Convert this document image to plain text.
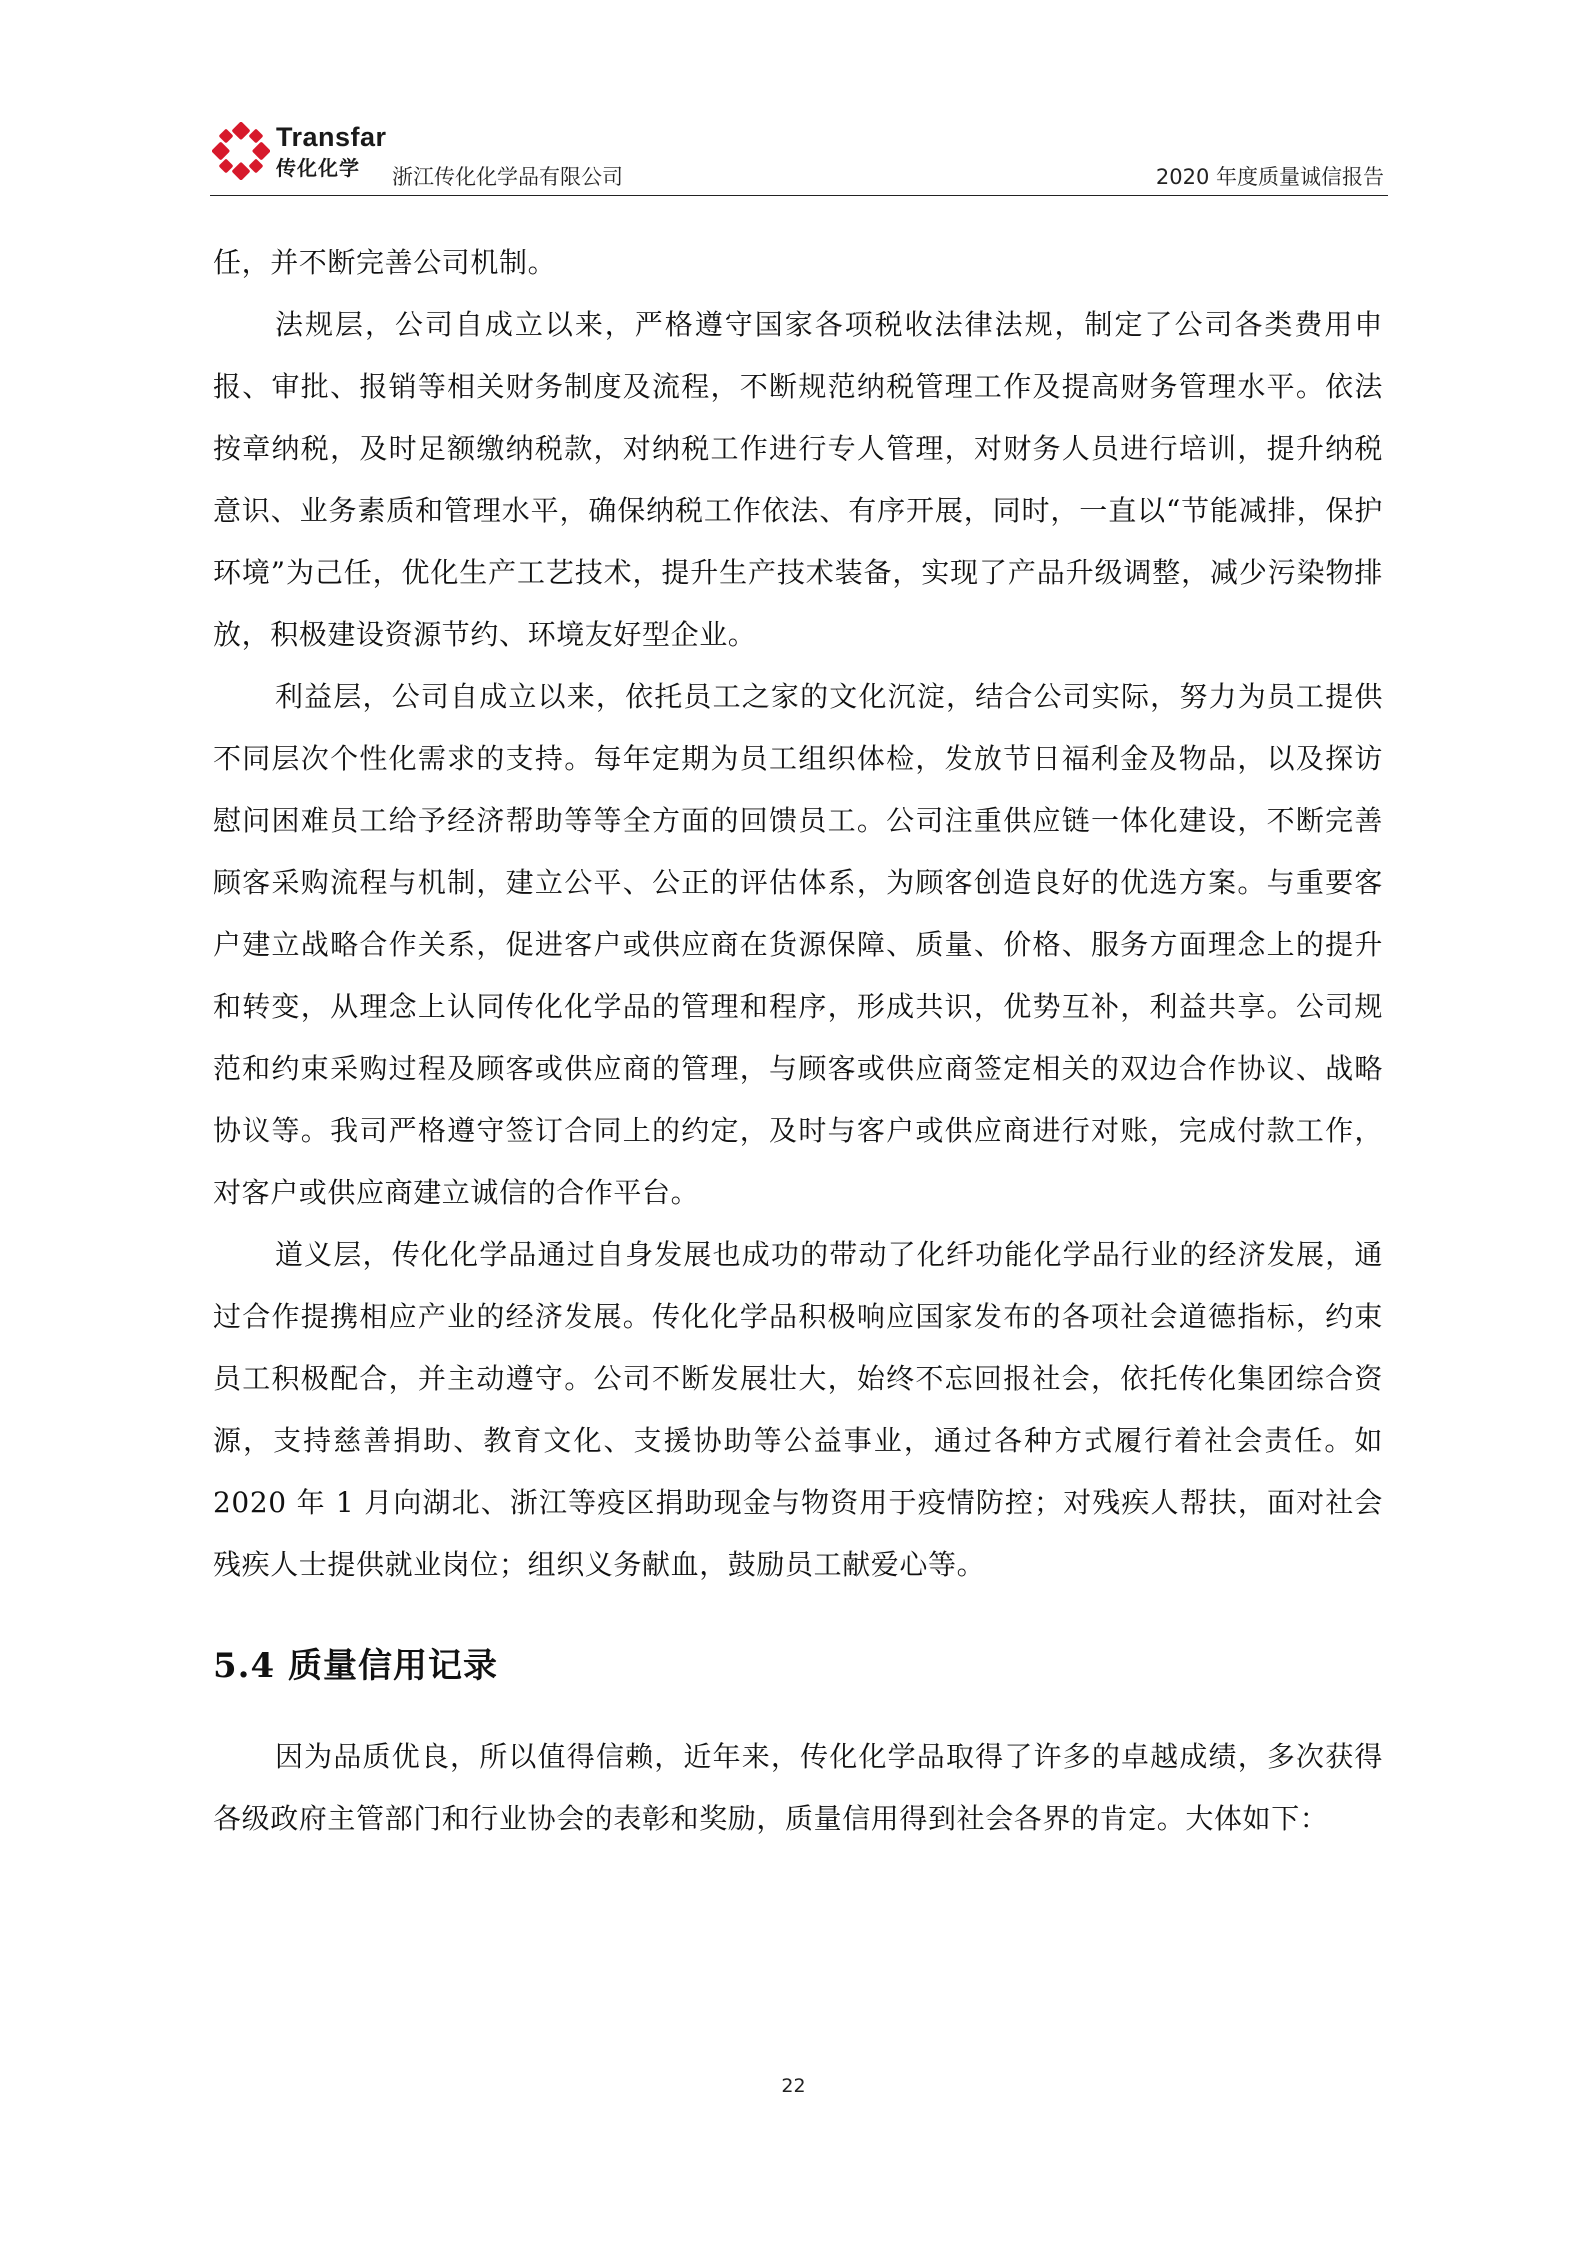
Transfar
传化化学 浙江传化化学品有限公司	2020 年度质量诚信报告

任，并不断完善公司机制。

法规层，公司自成立以来，严格遵守国家各项税收法律法规，制定了公司各类费用申报、审批、报销等相关财务制度及流程，不断规范纳税管理工作及提高财务管理水平。依法按章纳税，及时足额缴纳税款，对纳税工作进行专人管理，对财务人员进行培训，提升纳税意识、业务素质和管理水平，确保纳税工作依法、有序开展，同时，一直以“节能减排，保护环境”为己任，优化生产工艺技术，提升生产技术装备，实现了产品升级调整，减少污染物排放，积极建设资源节约、环境友好型企业。

利益层，公司自成立以来，依托员工之家的文化沉淀，结合公司实际，努力为员工提供不同层次个性化需求的支持。每年定期为员工组织体检，发放节日福利金及物品，以及探访慰问困难员工给予经济帮助等等全方面的回馈员工。公司注重供应链一体化建设，不断完善顾客采购流程与机制，建立公平、公正的评估体系，为顾客创造良好的优选方案。与重要客户建立战略合作关系，促进客户或供应商在货源保障、质量、价格、服务方面理念上的提升和转变，从理念上认同传化化学品的管理和程序，形成共识，优势互补，利益共享。公司规范和约束采购过程及顾客或供应商的管理，与顾客或供应商签定相关的双边合作协议、战略协议等。我司严格遵守签订合同上的约定，及时与客户或供应商进行对账，完成付款工作，对客户或供应商建立诚信的合作平台。

道义层，传化化学品通过自身发展也成功的带动了化纤功能化学品行业的经济发展，通过合作提携相应产业的经济发展。传化化学品积极响应国家发布的各项社会道德指标，约束员工积极配合，并主动遵守。公司不断发展壮大，始终不忘回报社会，依托传化集团综合资源，支持慈善捐助、教育文化、支援协助等公益事业，通过各种方式履行着社会责任。如 2020 年 1 月向湖北、浙江等疫区捐助现金与物资用于疫情防控；对残疾人帮扶，面对社会残疾人士提供就业岗位；组织义务献血，鼓励员工献爱心等。

5.4 质量信用记录

因为品质优良，所以值得信赖，近年来，传化化学品取得了许多的卓越成绩，多次获得各级政府主管部门和行业协会的表彰和奖励，质量信用得到社会各界的肯定。大体如下：

22
